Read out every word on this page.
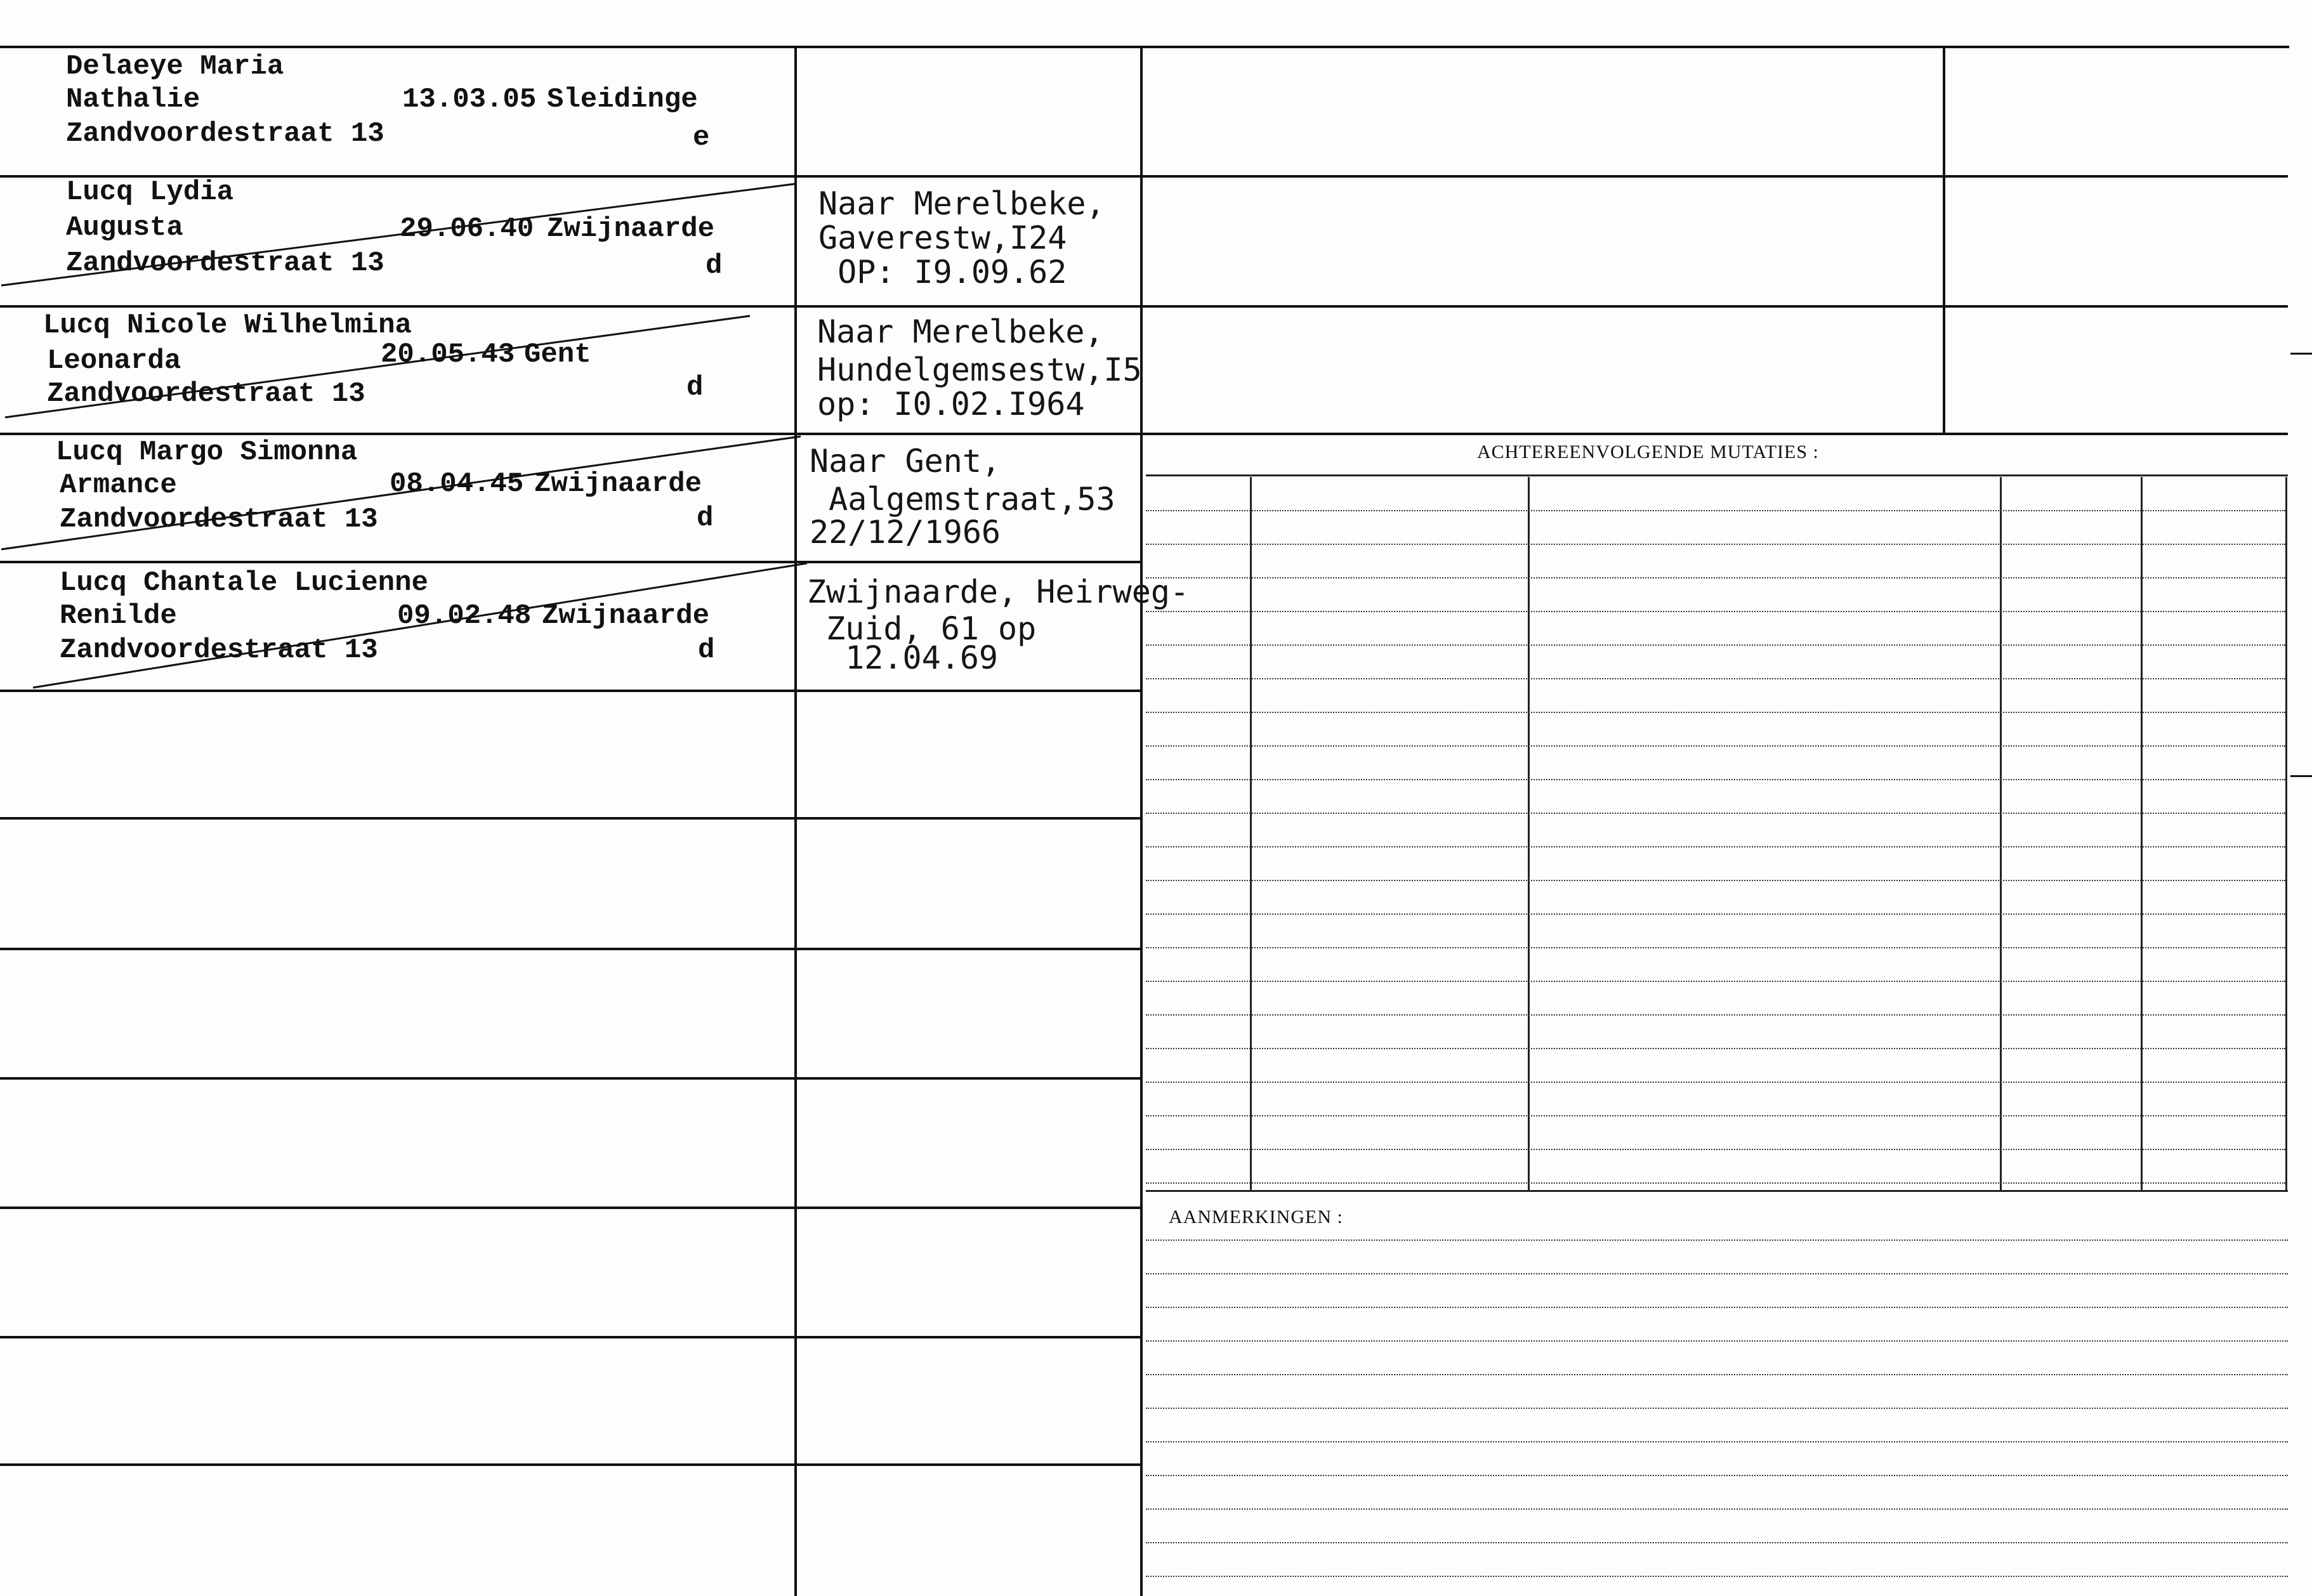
ACHTEREENVOLGENDE MUTATIES :
AANMERKINGEN :
Delaeye Maria
Nathalie	13.03.05 Sleidinge
Zandvoordestraat 13	e
Lucq Lydia
Augusta	29.06.40 Zwijnaarde
Zandvoordestraat 13	d
Naar Merelbeke,
Gaverestw,I24
OP: I9.09.62
Lucq Nicole Wilhelmina
Leonarda	20.05.43 Gent
Zandvoordestraat 13	d
Naar Merelbeke,
Hundelgemsestw,I5
op: I0.02.I964
Lucq Margo Simonna
Armance	08.04.45 Zwijnaarde
Zandvoordestraat 13	d
Naar Gent,
Aalgemstraat,53
22/12/1966
Lucq Chantale Lucienne
Renilde	09.02.48 Zwijnaarde
Zandvoordestraat 13	d
Zwijnaarde, Heirweg-
Zuid, 61 op
12.04.69
